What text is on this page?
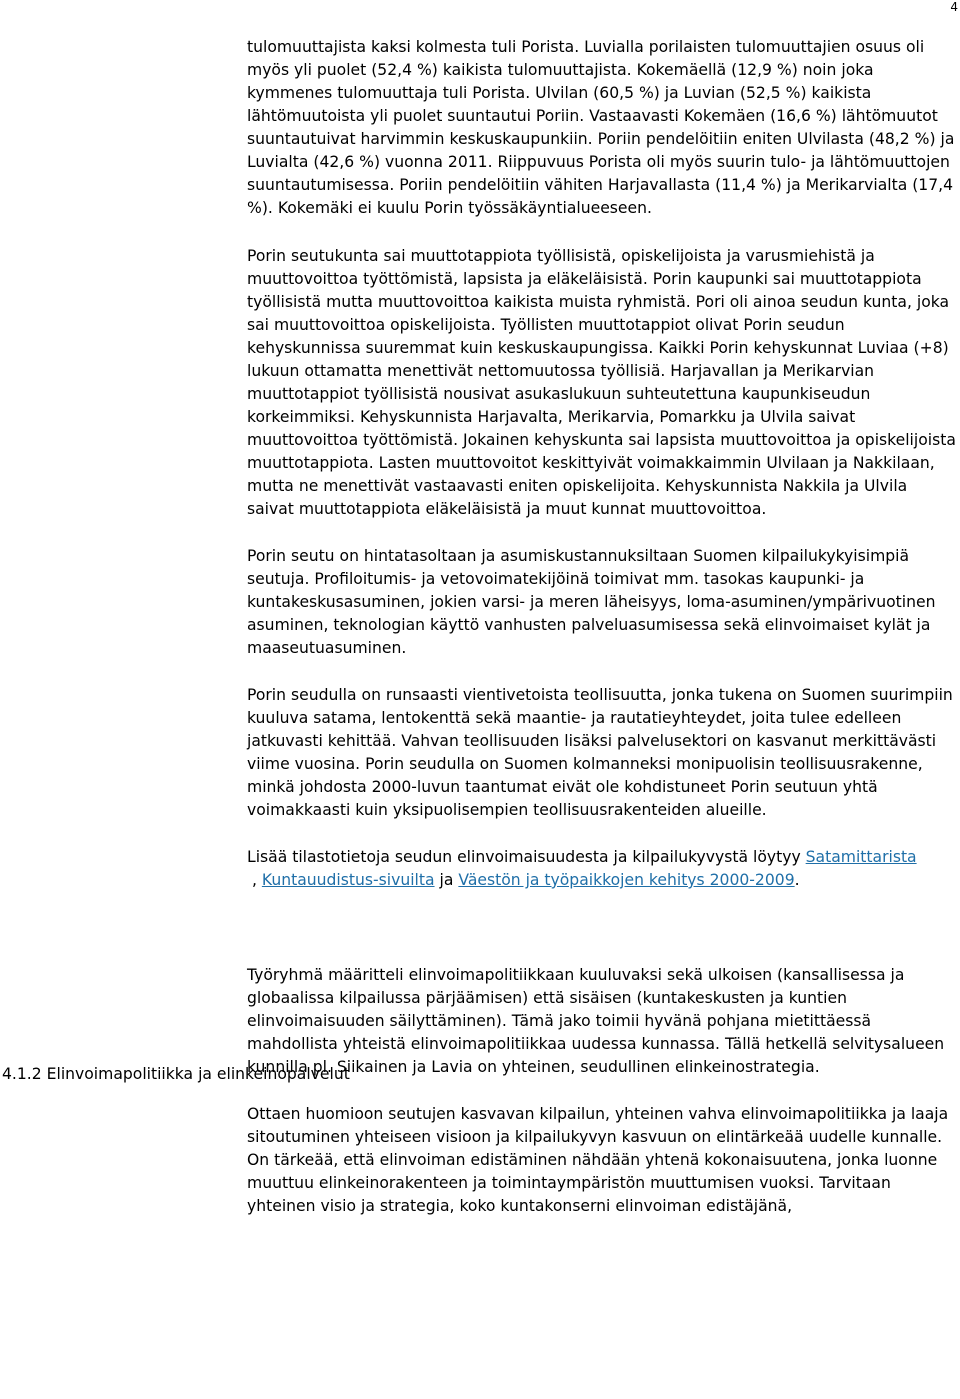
4
4.1.2 Elinvoimapolitiikka ja elinkeinopalvelut

tulomuuttajista kaksi kolmesta tuli Porista. Luvialla porilaisten tulomuuttajien osuus oli myös yli puolet (52,4 %) kaikista tulomuuttajista. Kokemäellä (12,9 %) noin joka kymmenes tulomuuttaja tuli Porista. Ulvilan (60,5 %) ja Luvian (52,5 %) kaikista lähtömuutoista yli puolet suuntautui Poriin. Vastaavasti Kokemäen (16,6 %) lähtömuutot suuntautuivat harvimmin keskuskaupunkiin. Poriin pendelöitiin eniten Ulvilasta (48,2 %) ja Luvialta (42,6 %) vuonna 2011. Riippuvuus Porista oli myös suurin tulo- ja lähtömuuttojen suuntautumisessa. Poriin pendelöitiin vähiten Harjavallasta (11,4 %) ja Merikarvialta (17,4 %). Kokemäki ei kuulu Porin työssäkäyntialueeseen.

Porin seutukunta sai muuttotappiota työllisistä, opiskelijoista ja varusmiehistä ja muuttovoittoa työttömistä, lapsista ja eläkeläisistä. Porin kaupunki sai muuttotappiota työllisistä mutta muuttovoittoa kaikista muista ryhmistä. Pori oli ainoa seudun kunta, joka sai muuttovoittoa opiskelijoista. Työllisten muuttotappiot olivat Porin seudun kehyskunnissa suuremmat kuin keskuskaupungissa. Kaikki Porin kehyskunnat Luviaa (+8) lukuun ottamatta menettivät nettomuutossa työllisiä. Harjavallan ja Merikarvian muuttotappiot työllisistä nousivat asukaslukuun suhteutettuna kaupunkiseudun korkeimmiksi. Kehyskunnista Harjavalta, Merikarvia, Pomarkku ja Ulvila saivat muuttovoittoa työttömistä. Jokainen kehyskunta sai lapsista muuttovoittoa ja opiskelijoista muuttotappiota. Lasten muuttovoitot keskittyivät voimakkaimmin Ulvilaan ja Nakkilaan, mutta ne menettivät vastaavasti eniten opiskelijoita. Kehyskunnista Nakkila ja Ulvila saivat muuttotappiota eläkeläisistä ja muut kunnat muuttovoittoa.

Porin seutu on hintatasoltaan ja asumiskustannuksiltaan Suomen kilpailukykyisimpiä seutuja. Profiloitumis- ja vetovoimatekijöinä toimivat mm. tasokas kaupunki- ja kuntakeskusasuminen, jokien varsi- ja meren läheisyys, loma-asuminen/ympärivuotinen asuminen, teknologian käyttö vanhusten palveluasumisessa sekä elinvoimaiset kylät ja maaseutuasuminen.

Porin seudulla on runsaasti vientivetoista teollisuutta, jonka tukena on Suomen suurimpiin kuuluva satama, lentokenttä sekä maantie- ja rautatieyhteydet, joita tulee edelleen jatkuvasti kehittää. Vahvan teollisuuden lisäksi palvelusektori on kasvanut merkittävästi viime vuosina. Porin seudulla on Suomen kolmanneksi monipuolisin teollisuusrakenne, minkä johdosta 2000-luvun taantumat eivät ole kohdistuneet Porin seutuun yhtä voimakkaasti kuin yksipuolisempien teollisuusrakenteiden alueille.

Lisää tilastotietoja seudun elinvoimaisuudesta ja kilpailukyvystä löytyy Satamittarista , Kuntauudistus-sivuilta ja Väestön ja työpaikkojen kehitys 2000-2009.

Työryhmä määritteli elinvoimapolitiikkaan kuuluvaksi sekä ulkoisen (kansallisessa ja globaalissa kilpailussa pärjäämisen) että sisäisen (kuntakeskusten ja kuntien elinvoimaisuuden säilyttäminen). Tämä jako toimii hyvänä pohjana mietittäessä mahdollista yhteistä elinvoimapolitiikkaa uudessa kunnassa. Tällä hetkellä selvitysalueen kunnilla pl. Siikainen ja Lavia on yhteinen, seudullinen elinkeinostrategia.

Ottaen huomioon seutujen kasvavan kilpailun, yhteinen vahva elinvoimapolitiikka ja laaja sitoutuminen yhteiseen visioon ja kilpailukyvyn kasvuun on elintärkeää uudelle kunnalle. On tärkeää, että elinvoiman edistäminen nähdään yhtenä kokonaisuutena, jonka luonne muuttuu elinkeinorakenteen ja toimintaympäristön muuttumisen vuoksi. Tarvitaan yhteinen visio ja strategia, koko kuntakonserni elinvoiman edistäjänä,
